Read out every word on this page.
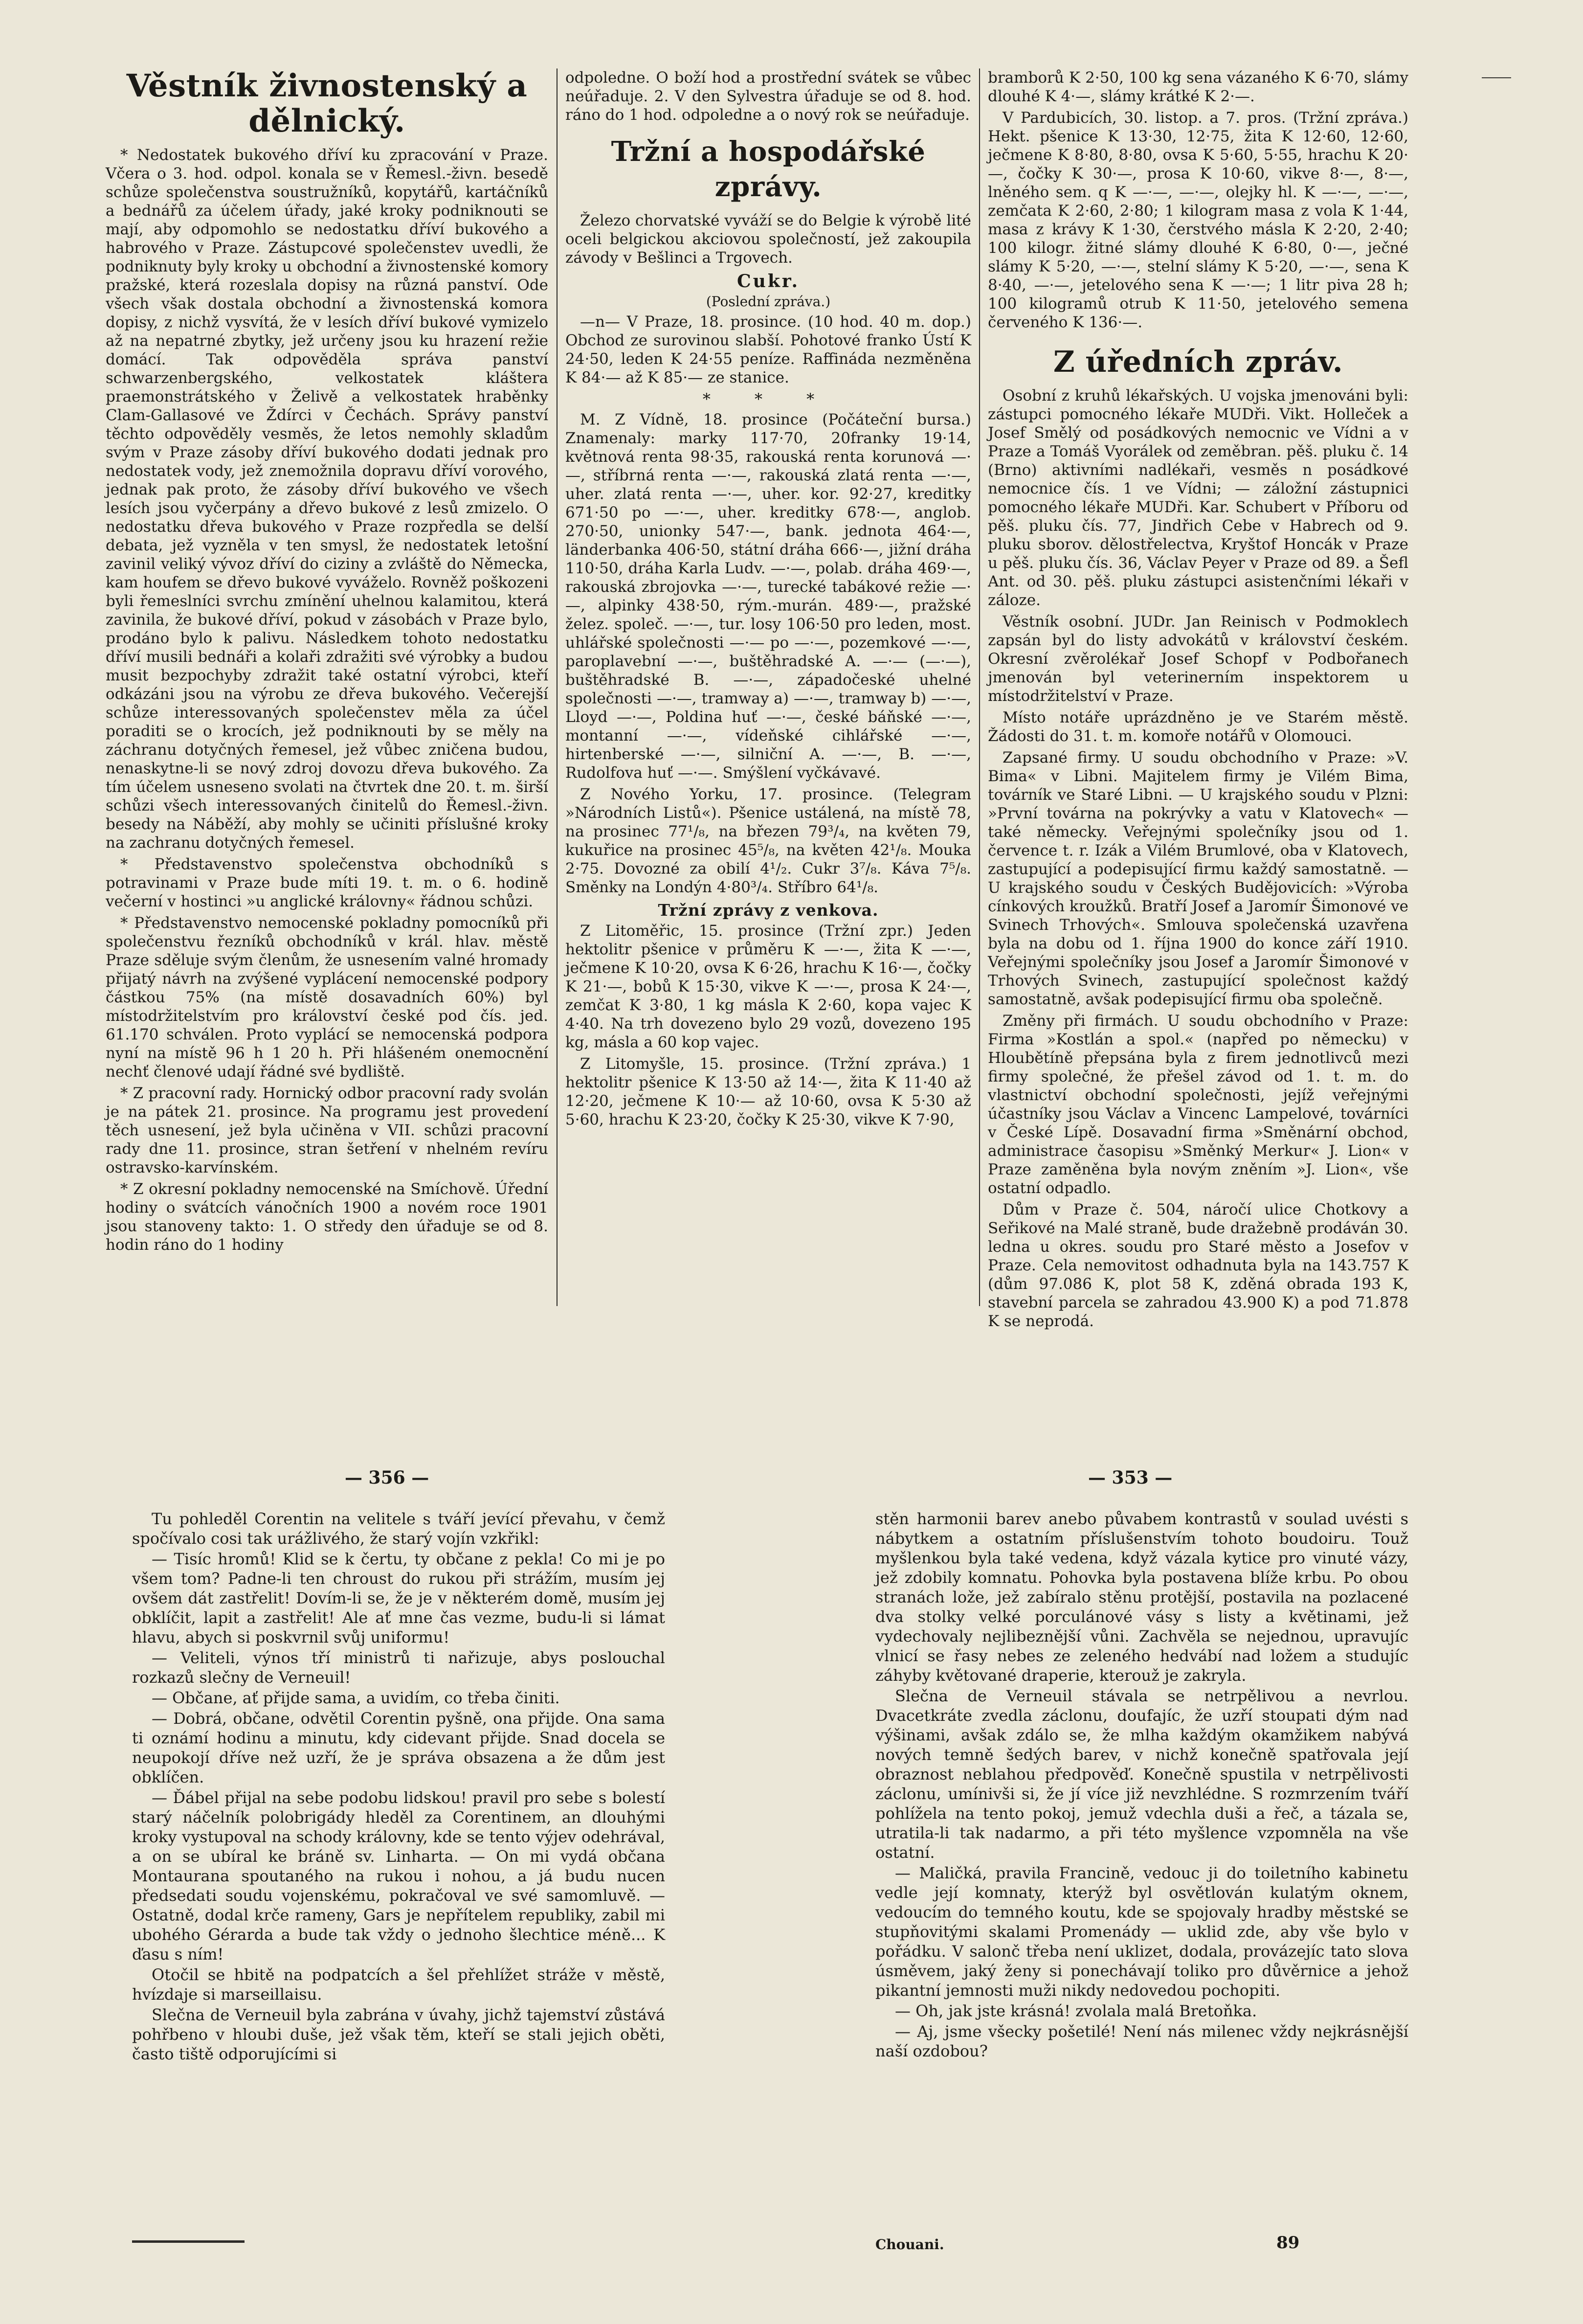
Věstník živnostenský a dělnický.

* Nedostatek bukového dříví ku zpracování v Praze. Včera o 3. hod. odpol. konala se v Řemesl.-živn. besedě schůze společenstva soustružníků, kopytářů, kartáčníků a bednářů za účelem úřady, jaké kroky podniknouti se mají, aby odpomohlo se nedostatku dříví bukového a habrového v Praze. Zástupcové společenstev uvedli, že podniknuty byly kroky u obchodní a živnostenské komory pražské, která rozeslala dopisy na různá panství. Ode všech však dostala obchodní a živnostenská komora dopisy, z nichž vysvítá, že v lesích dříví bukové vymizelo až na nepatrné zbytky, jež určeny jsou ku hrazení režie domácí. Tak odpověděla správa panství schwarzenbergského, velkostatek klášterа praemonstrátského v Želivě a velkostatek hraběnky Clam-Gallasové ve Ždírci v Čechách. Správy panství těchto odpověděly vesměs, že letos nemohly skladům svým v Praze zásoby dříví bukového dodati jednak pro nedostatek vody, jež znemožnila dopravu dříví vorového, jednak pak proto, že zásoby dříví bukového ve všech lesích jsou vyčerpány a dřevo bukové z lesů zmizelo. O nedostatku dřeva bukového v Praze rozpředla se delší debata, jež vyzněla v ten smysl, že nedostatek letošní zavinil veliký vývoz dříví do ciziny a zvláště do Německa, kam houfem se dřevo bukové vyváželo. Rovněž poškozeni byli řemeslníci svrchu zmínění uhelnou kalamitou, která zavinila, že bukové dříví, pokud v zásobách v Praze bylo, prodáno bylo k palivu. Následkem tohoto nedostatku dříví musili bednáři a kolaři zdražiti své výrobky a budou musit bezpochyby zdražit také ostatní výrobci, kteří odkázáni jsou na výrobu ze dřeva bukového. Večerejší schůze interessovaných společenstev měla za účel poraditi se o krocích, jež podniknouti by se měly na záchranu dotyčných řemesel, jež vůbec zničena budou, nenaskytne-li se nový zdroj dovozu dřeva bukového. Za tím účelem usneseno svolati na čtvrtek dne 20. t. m. širší schůzi všech interessovaných činitelů do Řemesl.-živn. besedy na Náběží, aby mohly se učiniti příslušné kroky na zachranu dotyčných řemesel.

* Představenstvo společenstva obchodníků s potravinami v Praze bude míti 19. t. m. o 6. hodině večerní v hostinci »u anglické královny« řádnou schůzi.

* Představenstvo nemocenské pokladny pomocníků při společenstvu řezníků obchodníků v král. hlav. městě Praze sděluje svým členům, že usnesením valné hromady přijatý návrh na zvýšené vyplácení nemocenské podpory částkou 75% (na místě dosavadních 60%) byl místodržitelstvím pro království české pod čís. jed. 61.170 schválen. Proto vyplácí se nemocenská podpora nyní na místě 96 h 1 20 h. Při hlášeném onemocnění nechť členové udají řádné své bydliště.

* Z pracovní rady. Hornický odbor pracovní rady svolán je na pátek 21. prosince. Na programu jest provedení těch usnesení, jež byla učiněna v VII. schůzi pracovní rady dne 11. prosince, stran šetření v nhelném revíru ostravsko-karvínském.

* Z okresní pokladny nemocenské na Smíchově. Úřední hodiny o svátcích vánočních 1900 a novém roce 1901 jsou stanoveny takto: 1. O středy den úřaduje se od 8. hodin ráno do 1 hodiny

odpoledne. O boží hod a prostřední svátek se vůbec neúřaduje. 2. V den Sylvestra úřaduje se od 8. hod. ráno do 1 hod. odpoledne a o nový rok se neúřaduje.

Tržní a hospodářské zprávy.

Železo chorvatské vyváží se do Belgie k výrobě lité oceli belgickou akciovou společností, jež zakoupila závody v Bešlinci a Trgovech.

Cukr.
(Poslední zpráva.)

—n— V Praze, 18. prosince. (10 hod. 40 m. dop.) Obchod ze surovinou slabší. Pohotové franko Ústí K 24·50, leden K 24·55 peníze. Raffináda nezměněna K 84·— až K 85·— ze stanice.

* * *

M. Z Vídně, 18. prosince (Počáteční bursa.) Znamenaly: marky 117·70, 20franky 19·14, květnová renta 98·35, rakouská renta korunová —·—, stříbrná renta —·—, rakouská zlatá renta —·—, uher. zlatá renta —·—, uher. kor. 92·27, kreditky 671·50 po —·—, uher. kreditky 678·—, anglob. 270·50, unionky 547·—, bank. jednota 464·—, länderbanka 406·50, státní dráha 666·—, jižní dráha 110·50, dráha Karla Ludv. —·—, polab. dráha 469·—, rakouská zbrojovka —·—, turecké tabákové režie —·—, alpinky 438·50, rým.-murán. 489·—, pražské želez. společ. —·—, tur. losy 106·50 pro leden, most. uhlářské společnosti —·— po —·—, pozemkové —·—, paroplavební —·—, buštěhradské A. —·— (—·—), buštěhradské B. —·—, západočeské uhelné společnosti —·—, tramway a) —·—, tramway b) —·—, Lloyd —·—, Poldina huť —·—, české báňské —·—, montanní —·—, vídeňské cihlářské —·—, hirtenberské —·—, silniční A. —·—, B. —·—, Rudolfova huť —·—. Smýšlení vyčkávavé.

Z Nového Yorku, 17. prosince. (Telegram »Národních Listů«). Pšenice ustálená, na místě 78, na prosinec 77¹/₈, na březen 79³/₄, na květen 79, kukuřice na prosinec 45⁵/₈, na květen 42¹/₈. Mouka 2·75. Dovozné za obilí 4¹/₂. Cukr 3⁷/₈. Káva 7⁵/₈. Směnky na Londýn 4·80³/₄. Stříbro 64¹/₈.

Tržní zprávy z venkova.

Z Litoměřic, 15. prosince (Tržní zpr.) Jeden hektolitr pšenice v průměru K —·—, žita K —·—, ječmene K 10·20, ovsa K 6·26, hrachu K 16·—, čočky K 21·—, bobů K 15·30, vikve K —·—, prosa K 24·—, zemčat K 3·80, 1 kg másla K 2·60, kopa vajec K 4·40. Na trh dovezeno bylo 29 vozů, dovezeno 195 kg, másla a 60 kop vajec.

Z Litomyšle, 15. prosince. (Tržní zpráva.) 1 hektolitr pšenice K 13·50 až 14·—, žita K 11·40 až 12·20, ječmene K 10·— až 10·60, ovsa K 5·30 až 5·60, hrachu K 23·20, čočky K 25·30, vikve K 7·90,

bramborů K 2·50, 100 kg sena vázaného K 6·70, slámy dlouhé K 4·—, slámy krátké K 2·—.

V Pardubicích, 30. listop. a 7. pros. (Tržní zpráva.) Hekt. pšenice K 13·30, 12·75, žita K 12·60, 12·60, ječmene K 8·80, 8·80, ovsa K 5·60, 5·55, hrachu K 20·—, čočky K 30·—, prosa K 10·60, vikve 8·—, 8·—, lněného sem. q K —·—, —·—, olejky hl. K —·—, —·—, zemčata K 2·60, 2·80; 1 kilogram masa z vola K 1·44, masa z krávy K 1·30, čerstvého másla K 2·20, 2·40; 100 kilogr. žitné slámy dlouhé K 6·80, 0·—, ječné slámy K 5·20, —·—, stelní slámy K 5·20, —·—, sena K 8·40, —·—, jetelového sena K —·—; 1 litr piva 28 h; 100 kilogramů otrub K 11·50, jetelového semena červeného K 136·—.

Z úředních zpráv.

Osobní z kruhů lékařských. U vojska jmenováni byli: zástupci pomocného lékaře MUDři. Vikt. Holleček a Josef Smělý od posádkových nemocnic ve Vídni a v Praze a Tomáš Vyorálek od zeměbran. pěš. pluku č. 14 (Brno) aktivními nadlékaři, vesměs n posádkové nemocnice čís. 1 ve Vídni; — záložní zástupnici pomocného lékaře MUDři. Kar. Schubert v Příboru od pěš. pluku čís. 77, Jindřich Cebe v Habrech od 9. pluku sborov. dělostřelectva, Kryštof Honcák v Praze u pěš. pluku čís. 36, Václav Peyer v Praze od 89. a Šefl Ant. od 30. pěš. pluku zástupci asistenčními lékaři v záloze.

Věstník osobní. JUDr. Jan Reinisch v Podmoklech zapsán byl do listy advokátů v království českém. Okresní zvěrolékař Josef Schopf v Podbořanech jmenován byl veterinerním inspektorem u místodržitelství v Praze.

Místo notáře uprázdněno je ve Starém městě. Žádosti do 31. t. m. komoře notářů v Olomouci.

Zapsané firmy. U soudu obchodního v Praze: »V. Bima« v Libni. Majitelem firmy je Vilém Bima, továrník ve Staré Libni. — U krajského soudu v Plzni: »První továrna na pokrývky a vatu v Klatovech« — také německy. Veřejnými společníky jsou od 1. července t. r. Izák a Vilém Brumlové, oba v Klatovech, zastupující a podepisující firmu každý samostatně. — U krajského soudu v Českých Budějovicích: »Výroba cínkových kroužků. Bratří Josef a Jaromír Šimonové ve Svinech Trhových«. Smlouva společenská uzavřena byla na dobu od 1. října 1900 do konce září 1910. Veřejnými společníky jsou Josef a Jaromír Šimonové v Trhových Svinech, zastupující společnost každý samostatně, avšak podepisující firmu oba společně.

Změny při firmách. U soudu obchodního v Praze: Firma »Kostlán a spol.« (napřed po německu) v Hloubětíně přepsána byla z firem jednotlivců mezi firmy společné, že přešel závod od 1. t. m. do vlastnictví obchodní společnosti, jejíž veřejnými účastníky jsou Václav a Vincenc Lampelové, továrníci v České Lípě. Dosavadní firma »Směnární obchod, administrace časopisu »Směnký Merkur« J. Lion« v Praze zaměněna byla novým zněním »J. Lion«, vše ostatní odpadlo.

Dům v Praze č. 504, náročí ulice Chotkovy a Seřikové na Malé straně, bude dražebně prodáván 30. ledna u okres. soudu pro Staré město a Josefov v Praze. Cela nemovitost odhadnuta byla na 143.757 K (dům 97.086 K, plot 58 K, zděná obrada 193 K, stavební parcela se zahradou 43.900 K) a pod 71.878 K se neprodá.

— 356 —	— 353 —

Tu pohleděl Corentin na velitele s tváří jevící převahu, v čemž spočívalo cosi tak urážlivého, že starý vojín vzkřikl:

— Tisíc hromů! Klid se k čertu, ty občane z pekla! Co mi je po všem tom? Padne-li ten chroust do rukou při strážím, musím jej ovšem dát zastřelit! Dovím-li se, že je v některém domě, musím jej obklíčit, lapit a zastřelit! Ale ať mne čas vezme, budu-li si lámat hlavu, abych si poskvrnil svůj uniformu!

— Veliteli, výnos tří ministrů ti nařizuje, abys poslouchal rozkazů slečny de Verneuil!

— Občane, ať přijde sama, a uvidím, co třeba činiti.

— Dobrá, občane, odvětil Corentin pyšně, ona přijde. Ona sama ti oznámí hodinu a minutu, kdy cidevant přijde. Snad docela se neupokojí dříve než uzří, že je správa obsazena a že dům jest obklíčen.

— Ďábel přijal na sebe podobu lidskou! pravil pro sebe s bolestí starý náčelník polobrigády hleděl za Corentinem, an dlouhými kroky vystupoval na schody královny, kde se tento výjev odehrával, a on se ubíral ke bráně sv. Linharta. — On mi vydá občana Montaurana spoutaného na rukou i nohou, a já budu nucen předsedati soudu vojenskému, pokračoval ve své samomluvě. — Ostatně, dodal krče rameny, Gars je nepřítelem republiky, zabil mi ubohého Gérarda a bude tak vždy o jednoho šlechtice méně... K ďasu s ním!

Otočil se hbitě na podpatcích a šel přehlížet stráže v městě, hvízdaje si marseillaisu.

Slečna de Verneuil byla zabrána v úvahy, jichž tajemství zůstává pohřbeno v hloubi duše, jež však těm, kteří se stali jejich oběti, často tiště odporujícími si

stěn harmonii barev anebo půvabem kontrastů v soulad uvésti s nábytkem a ostatním příslušenstvím tohoto boudoiru. Touž myšlenkou byla také vedena, když vázala kytice pro vinuté vázy, jež zdobily komnatu. Pohovka byla postavena blíže krbu. Po obou stranách lože, jež zabíralo stěnu protější, postavila na pozlacené dva stolky velké porculánové vásy s listy a květinami, jež vydechovaly nejlibeznější vůni. Zachvěla se nejednou, upravujíc vlnicí se řasy nebes ze zeleného hedvábí nad ložem a studujíc záhyby květované draperie, kterouž je zakryla.

Slečna de Verneuil stávala se netrpělivou a nevrlou. Dvacetkráte zvedla záclonu, doufajíc, že uzří stoupati dým nad výšinami, avšak zdálo se, že mlha každým okamžikem nabývá nových temně šedých barev, v nichž konečně spatřovala její obraznost neblahou předpověď. Konečně spustila v netrpělivosti záclonu, umínivši si, že jí více již nevzhlédne. S rozmrzením tváří pohlížela na tento pokoj, jemuž vdechla duši a řeč, a tázala se, utratila-li tak nadarmo, a při této myšlence vzpomněla na vše ostatní.

— Maličká, pravila Francině, vedouc ji do toiletního kabinetu vedle její komnaty, kterýž byl osvětlován kulatým oknem, vedoucím do temného koutu, kde se spojovaly hradby městské se stupňovitými skalami Promenády — uklid zde, aby vše bylo v pořádku. V salonč třeba není uklizet, dodala, provázejíc tato slova úsměvem, jaký ženy si ponechávají toliko pro důvěrnice a jehož pikantní jemnosti muži nikdy nedovedou pochopiti.

— Oh, jak jste krásná! zvolala malá Bretoňka.

— Aj, jsme všecky pošetilé! Není nás milenec vždy nejkrásnější naší ozdobou?

Chouani.	89
